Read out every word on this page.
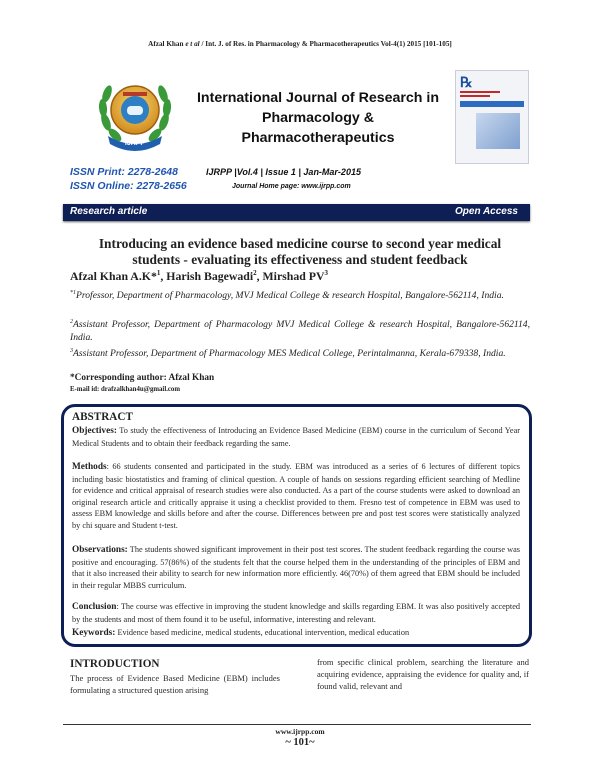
Afzal Khan e t al / Int. J. of Res. in Pharmacology & Pharmacotherapeutics Vol-4(1) 2015 [101-105]
IJRPP
International Journal of Research in
Pharmacology & Pharmacotherapeutics
℞
ISSN Print: 2278-2648
ISSN Online: 2278-2656
IJRPP |Vol.4 | Issue 1 | Jan-Mar-2015
Journal Home page: www.ijrpp.com
Research article	Open Access
Introducing an evidence based medicine course to second year medical
students - evaluating its effectiveness and student feedback
Afzal Khan A.K*$^1$, Harish Bagewadi$^2$, Mirshad $PV^3$
$^{*1}$Professor, Department of Pharmacology, MVJ Medical College & research Hospital, Bangalore-562114, India.
$^2$Assistant Professor, Department of Pharmacology MVJ Medical College & research Hospital, Bangalore-562114, India.
$^3$Assistant Professor, Department of Pharmacology MES Medical College, Perintalmanna, Kerala-679338, India.
*Corresponding author: Afzal Khan
E-mail id: drafzalkhan4u@gmail.com
ABSTRACT
Objectives: To study the effectiveness of Introducing an Evidence Based Medicine (EBM) course in the curriculum of Second Year Medical Students and to obtain their feedback regarding the same.
Methods: 66 students consented and participated in the study. EBM was introduced as a series of 6 lectures of different topics including basic biostatistics and framing of clinical question. A couple of hands on sessions regarding efficient searching of Medline for evidence and critical appraisal of research studies were also conducted. As a part of the course students were asked to download an original research article and critically appraise it using a checklist provided to them. Fresno test of competence in EBM was used to assess EBM knowledge and skills before and after the course. Differences between pre and post test scores were statistically analyzed by chi square and Student t-test.
Observations: The students showed significant improvement in their post test scores. The student feedback regarding the course was positive and encouraging. 57(86%) of the students felt that the course helped them in the understanding of the principles of EBM and that it also increased their ability to search for new information more efficiently. 46(70%) of them agreed that EBM should be included in their regular MBBS curriculum.
Conclusion: The course was effective in improving the student knowledge and skills regarding EBM. It was also positively accepted by the students and most of them found it to be useful, informative, interesting and relevant.
Keywords: Evidence based medicine, medical students, educational intervention, medical education
INTRODUCTION
The process of Evidence Based Medicine (EBM) includes formulating a structured question arising
from specific clinical problem, searching the literature and acquiring evidence, appraising the evidence for quality and, if found valid, relevant and
www.ijrpp.com
~ 101~
